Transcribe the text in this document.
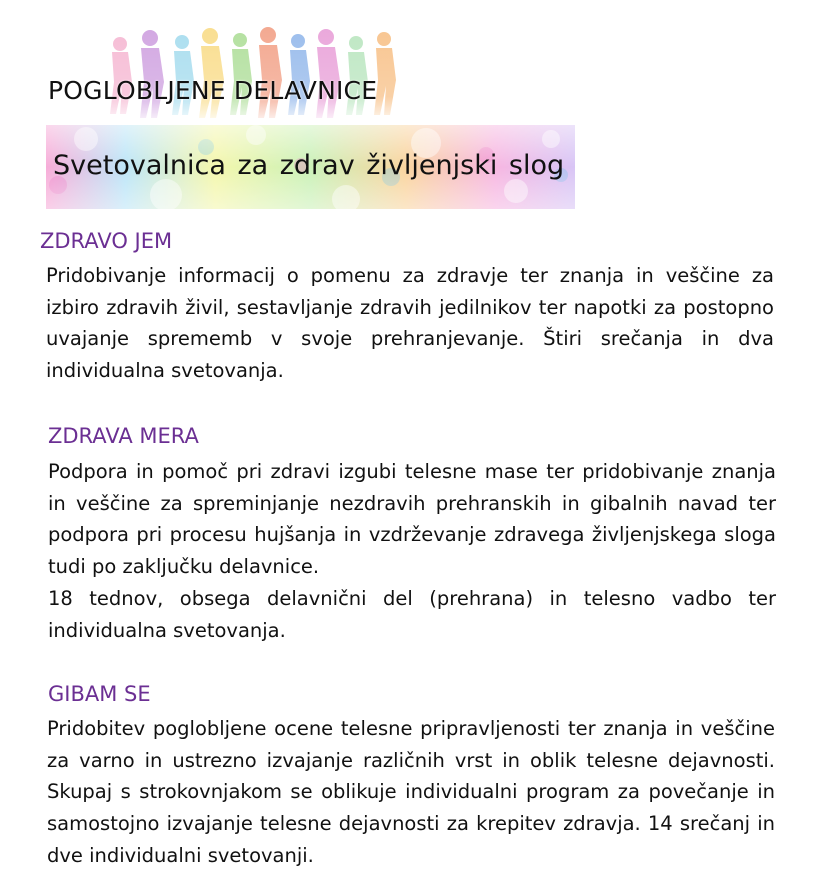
POGLOBLJENE DELAVNICE
Svetovalnica za zdrav življenjski slog
ZDRAVO JEM

Pridobivanje informacij o pomenu za zdravje ter znanja in veščine za izbiro zdravih živil, sestavljanje zdravih jedilnikov ter napotki za postopno uvajanje sprememb v svoje prehranjevanje. Štiri srečanja in dva individualna svetovanja.

ZDRAVA MERA

Podpora in pomoč pri zdravi izgubi telesne mase ter pridobivanje znanja in veščine za spreminjanje nezdravih prehranskih in gibalnih navad ter podpora pri procesu hujšanja in vzdrževanje zdravega življenjskega sloga tudi po zaključku delavnice.

18 tednov, obsega delavnični del (prehrana) in telesno vadbo ter individualna svetovanja.

GIBAM SE

Pridobitev poglobljene ocene telesne pripravljenosti ter znanja in veščine za varno in ustrezno izvajanje različnih vrst in oblik telesne dejavnosti. Skupaj s strokovnjakom se oblikuje individualni program za povečanje in samostojno izvajanje telesne dejavnosti za krepitev zdravja. 14 srečanj in dve individualni svetovanji.
